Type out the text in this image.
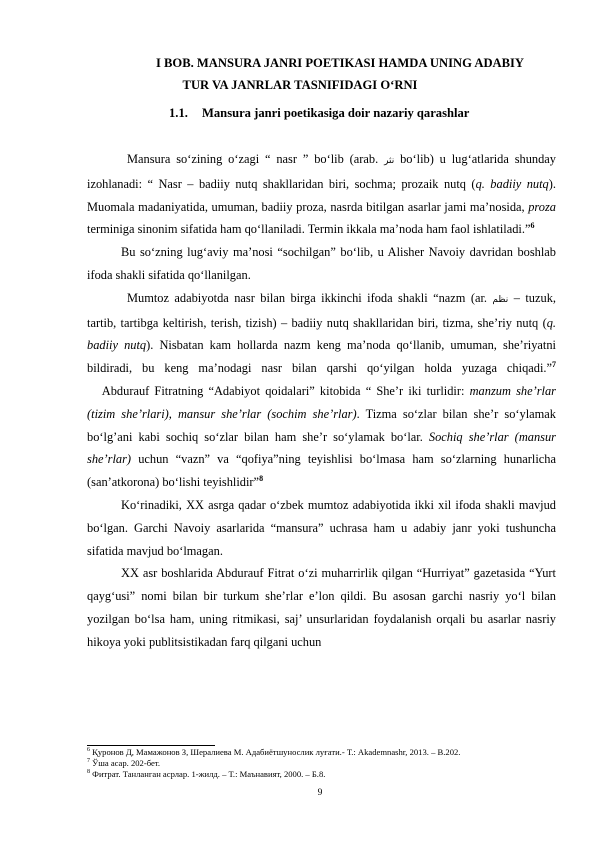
I BOB. MANSURA JANRI POETIKASI HAMDA UNING ADABIY
TUR VA JANRLAR TASNIFIDAGI O‘RNI
1.1. Mansura janri poetikasiga doir nazariy qarashlar

Mansura so‘zining o‘zagi “ nasr ” bo‘lib (arab. نثر bo‘lib) u lug‘atlarida shunday izohlanadi: “ Nasr – badiiy nutq shakllaridan biri, sochma; prozaik nutq (q. badiiy nutq). Muomala madaniyatida, umuman, badiiy proza, nasrda bitilgan asarlar jami ma’nosida, proza terminiga sinonim sifatida ham qo‘llaniladi. Termin ikkala ma’noda ham faol ishlatiladi.”$^6$

Bu so‘zning lug‘aviy ma’nosi “sochilgan” bo‘lib, u Alisher Navoiy davridan boshlab ifoda shakli sifatida qo‘llanilgan.

Mumtoz adabiyotda nasr bilan birga ikkinchi ifoda shakli “nazm (ar. نظم – tuzuk, tartib, tartibga keltirish, terish, tizish) – badiiy nutq shakllaridan biri, tizma, she’riy nutq (q. badiiy nutq). Nisbatan kam hollarda nazm keng ma’noda qo‘llanib, umuman, she’riyatni bildiradi, bu keng ma’nodagi nasr bilan qarshi qo‘yilgan holda yuzaga chiqadi.”$^7$   Abdurauf Fitratning “Adabiyot qoidalari” kitobida “ She’r iki turlidir: manzum she’rlar (tizim she’rlari), mansur she’rlar (sochim she’rlar). Tizma so‘zlar bilan she’r so‘ylamak bo‘lg’ani kabi sochiq so‘zlar bilan ham she’r so‘ylamak bo‘lar. Sochiq she’rlar (mansur she’rlar) uchun “vazn” va “qofiya”ning teyishlisi bo‘lmasa ham so‘zlarning hunarlicha (san’atkorona) bo‘lishi teyishlidir”$^8$

Ko‘rinadiki, XX asrga qadar o‘zbek mumtoz adabiyotida ikki xil ifoda shakli mavjud bo‘lgan. Garchi Navoiy asarlarida “mansura” uchrasa ham u adabiy janr yoki tushuncha sifatida mavjud bo‘lmagan.

XX asr boshlarida Abdurauf Fitrat o‘zi muharrirlik qilgan “Hurriyat” gazetasida “Yurt qayg‘usi” nomi bilan bir turkum she’rlar e’lon qildi. Bu asosan garchi nasriy yo‘l bilan yozilgan bo‘lsa ham, uning ritmikasi, saj’ unsurlaridan foydalanish orqali bu asarlar nasriy hikoya yoki publitsistikadan farq qilgani uchun

$^6$ Қуронов Д, Мамажонов З, Шералиева М. Адабиётшунослик луғати.- Т.: Akademnashr, 2013. – B.202.
$^7$ Ўша асар. 202-бет.
$^8$ Фитрат. Танланган асрлар. 1-жилд. – Т.: Маънавият, 2000. – Б.8.
9
